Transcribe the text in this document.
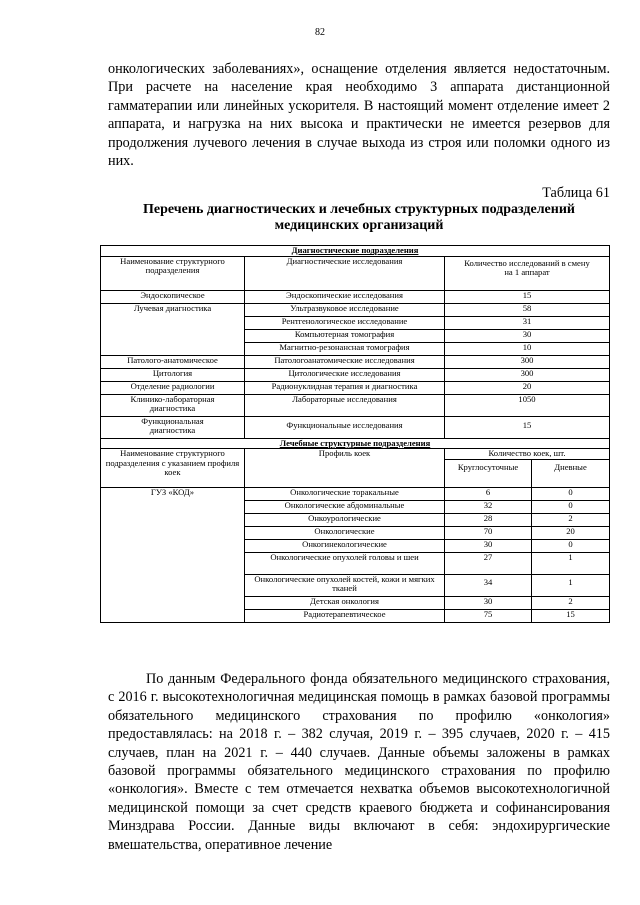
82

онкологических заболеваниях», оснащение отделения является недостаточным. При расчете на население края необходимо 3 аппарата дистанционной гамматерапии или линейных ускорителя. В настоящий момент отделение имеет 2 аппарата, и нагрузка на них высока и практически не имеется резервов для продолжения лучевого лечения в случае выхода из строя или поломки одного из них.

Таблица 61
Перечень диагностических и лечебных структурных подразделений медицинских организаций
Диагностические подразделения			
Наименование структурного подразделения	Диагностические исследования	Количество исследований в смену на 1 аппарат	
Эндоскопическое	Эндоскопические исследования	15	
Лучевая диагностика	Ультразвуковое исследование	58	
	Рентгенологическое исследование	31	
	Компьютерная томография	30	
	Магнитно-резонансная томография	10	
Патолого-анатомическое	Патологоанатомические исследования	300	
Цитология	Цитологические исследования	300	
Отделение радиологии	Радионуклидная терапия и диагностика	20	
Клинико-лабораторная диагностика	Лабораторные исследования	1050	
Функциональная диагностика	Функциональные исследования	15	
Лечебные структурные подразделения			
Наименование структурного подразделения с указанием профиля коек	Профиль коек	Количество коек, шт.	
		Круглосуточные	Дневные
ГУЗ «КОД»	Онкологические торакальные	6	0
	Онкологические абдоминальные	32	0
	Онкоурологические	28	2
	Онкологические	70	20
	Онкогинекологические	30	0
	Онкологические опухолей головы и шеи	27	1
	Онкологические опухолей костей, кожи и мягких тканей	34	1
	Детская онкология	30	2
	Радиотерапевтическое	75	15

По данным Федерального фонда обязательного медицинского страхования, с 2016 г. высокотехнологичная медицинская помощь в рамках базовой программы обязательного медицинского страхования по профилю «онкология» предоставлялась: на 2018 г. – 382 случая, 2019 г. – 395 случаев, 2020 г. – 415 случаев, план на 2021 г. – 440 случаев. Данные объемы заложены в рамках базовой программы обязательного медицинского страхования по профилю «онкология». Вместе с тем отмечается нехватка объемов высокотехнологичной медицинской помощи за счет средств краевого бюджета и софинансирования Минздрава России. Данные виды включают в себя: эндохирургические вмешательства, оперативное лечение
